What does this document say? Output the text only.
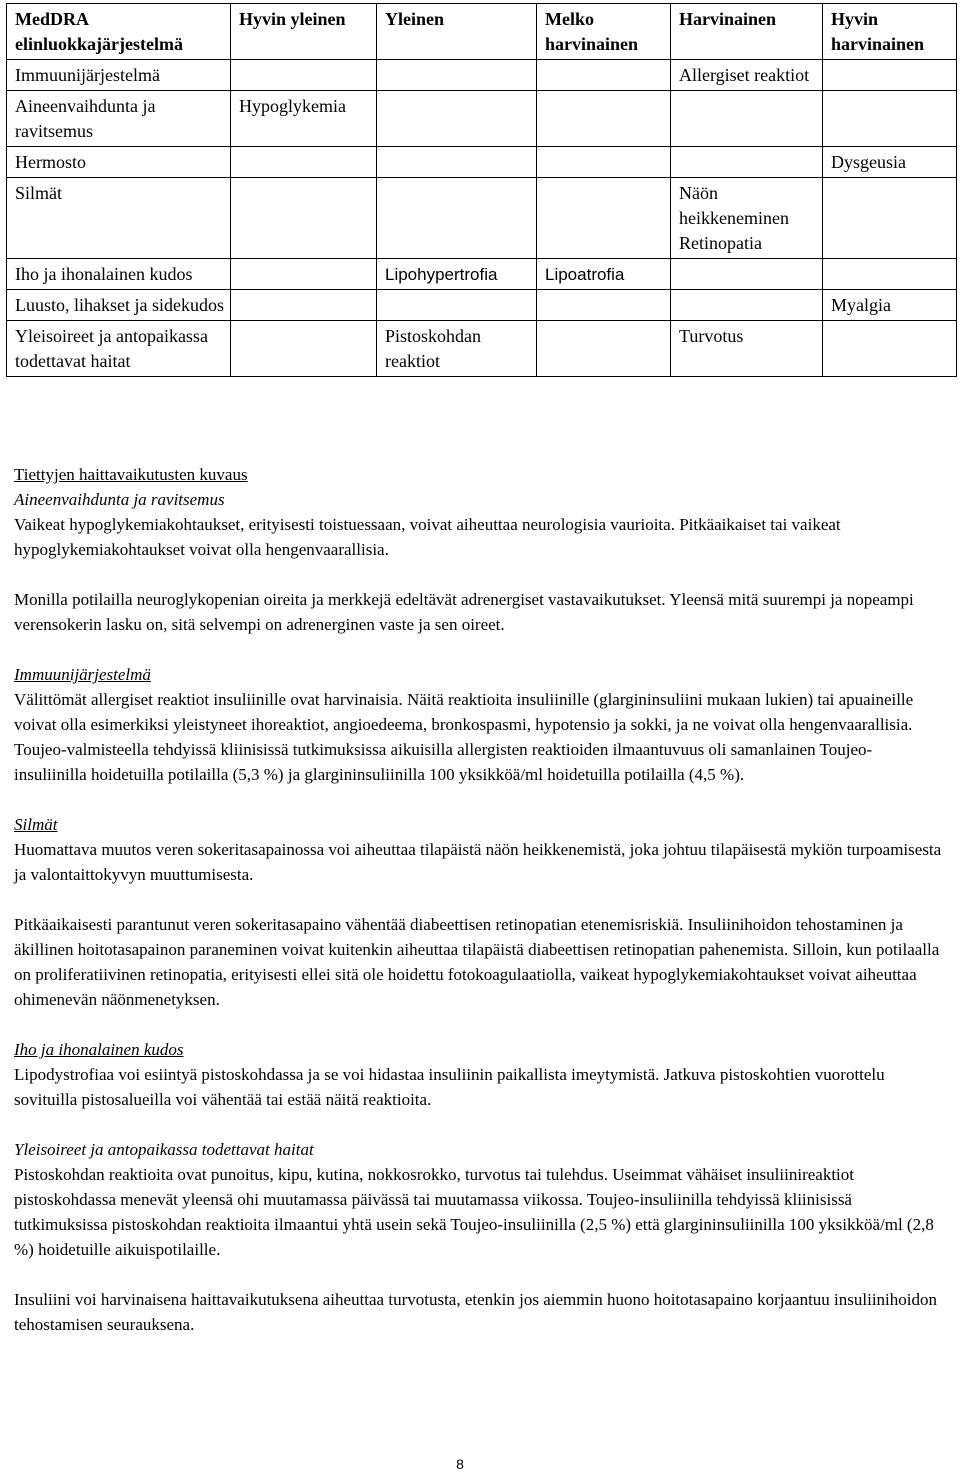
MedDRA elinluokkajärjestelmä	Hyvin yleinen	Yleinen	Melko harvinainen	Harvinainen	Hyvin harvinainen
Immuunijärjestelmä				Allergiset reaktiot	
Aineenvaihdunta ja ravitsemus	Hypoglykemia				
Hermosto					Dysgeusia
Silmät				Näön heikkeneminen Retinopatia	
Iho ja ihonalainen kudos		Lipohypertrofia	Lipoatrofia		
Luusto, lihakset ja sidekudos					Myalgia
Yleisoireet ja antopaikassa todettavat haitat		Pistoskohdan reaktiot		Turvotus	

Tiettyjen haittavaikutusten kuvaus

Aineenvaihdunta ja ravitsemus

Vaikeat hypoglykemiakohtaukset, erityisesti toistuessaan, voivat aiheuttaa neurologisia vaurioita. Pitkäaikaiset tai vaikeat hypoglykemiakohtaukset voivat olla hengenvaarallisia.

Monilla potilailla neuroglykopenian oireita ja merkkejä edeltävät adrenergiset vastavaikutukset. Yleensä mitä suurempi ja nopeampi verensokerin lasku on, sitä selvempi on adrenerginen vaste ja sen oireet.

Immuunijärjestelmä

Välittömät allergiset reaktiot insuliinille ovat harvinaisia. Näitä reaktioita insuliinille (glargininsuliini mukaan lukien) tai apuaineille voivat olla esimerkiksi yleistyneet ihoreaktiot, angioedeema, bronkospasmi, hypotensio ja sokki, ja ne voivat olla hengenvaarallisia. Toujeo-valmisteella tehdyissä kliinisissä tutkimuksissa aikuisilla allergisten reaktioiden ilmaantuvuus oli samanlainen Toujeo-insuliinilla hoidetuilla potilailla (5,3 %) ja glargininsuliinilla 100 yksikköä/ml hoidetuilla potilailla (4,5 %).

Silmät

Huomattava muutos veren sokeritasapainossa voi aiheuttaa tilapäistä näön heikkenemistä, joka johtuu tilapäisestä mykiön turpoamisesta ja valontaittokyvyn muuttumisesta.

Pitkäaikaisesti parantunut veren sokeritasapaino vähentää diabeettisen retinopatian etenemisriskiä. Insuliinihoidon tehostaminen ja äkillinen hoitotasapainon paraneminen voivat kuitenkin aiheuttaa tilapäistä diabeettisen retinopatian pahenemista. Silloin, kun potilaalla on proliferatiivinen retinopatia, erityisesti ellei sitä ole hoidettu fotokoagulaatiolla, vaikeat hypoglykemiakohtaukset voivat aiheuttaa ohimenevän näönmenetyksen.

Iho ja ihonalainen kudos

Lipodystrofiaa voi esiintyä pistoskohdassa ja se voi hidastaa insuliinin paikallista imeytymistä. Jatkuva pistoskohtien vuorottelu sovituilla pistosalueilla voi vähentää tai estää näitä reaktioita.

Yleisoireet ja antopaikassa todettavat haitat

Pistoskohdan reaktioita ovat punoitus, kipu, kutina, nokkosrokko, turvotus tai tulehdus. Useimmat vähäiset insuliinireaktiot pistoskohdassa menevät yleensä ohi muutamassa päivässä tai muutamassa viikossa. Toujeo-insuliinilla tehdyissä kliinisissä tutkimuksissa pistoskohdan reaktioita ilmaantui yhtä usein sekä Toujeo-insuliinilla (2,5 %) että glargininsuliinilla 100 yksikköä/ml (2,8 %) hoidetuille aikuispotilaille.

Insuliini voi harvinaisena haittavaikutuksena aiheuttaa turvotusta, etenkin jos aiemmin huono hoitotasapaino korjaantuu insuliinihoidon tehostamisen seurauksena.

8
